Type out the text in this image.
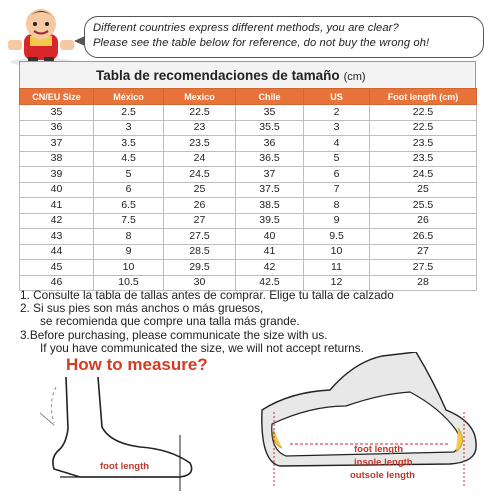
Different countries express different methods, you are clear?
Please see the table below for reference, do not buy the wrong oh!
Tabla de recomendaciones de tamaño (cm)
CN/EU Size	México	Mexico	Chile	US	Foot length (cm)
35	2.5	22.5	35	2	22.5
36	3	23	35.5	3	22.5
37	3.5	23.5	36	4	23.5
38	4.5	24	36.5	5	23.5
39	5	24.5	37	6	24.5
40	6	25	37.5	7	25
41	6.5	26	38.5	8	25.5
42	7.5	27	39.5	9	26
43	8	27.5	40	9.5	26.5
44	9	28.5	41	10	27
45	10	29.5	42	11	27.5
46	10.5	30	42.5	12	28
1. Consulte la tabla de tallas antes de comprar. Elige tu talla de calzado
2. Si sus pies son más anchos o más gruesos,
se recomienda que compre una talla más grande.
3.Before purchasing, please communicate the size with us.
If you have communicated the size, we will not accept returns.
How to measure?
foot length
foot length
insole length
outsole length
